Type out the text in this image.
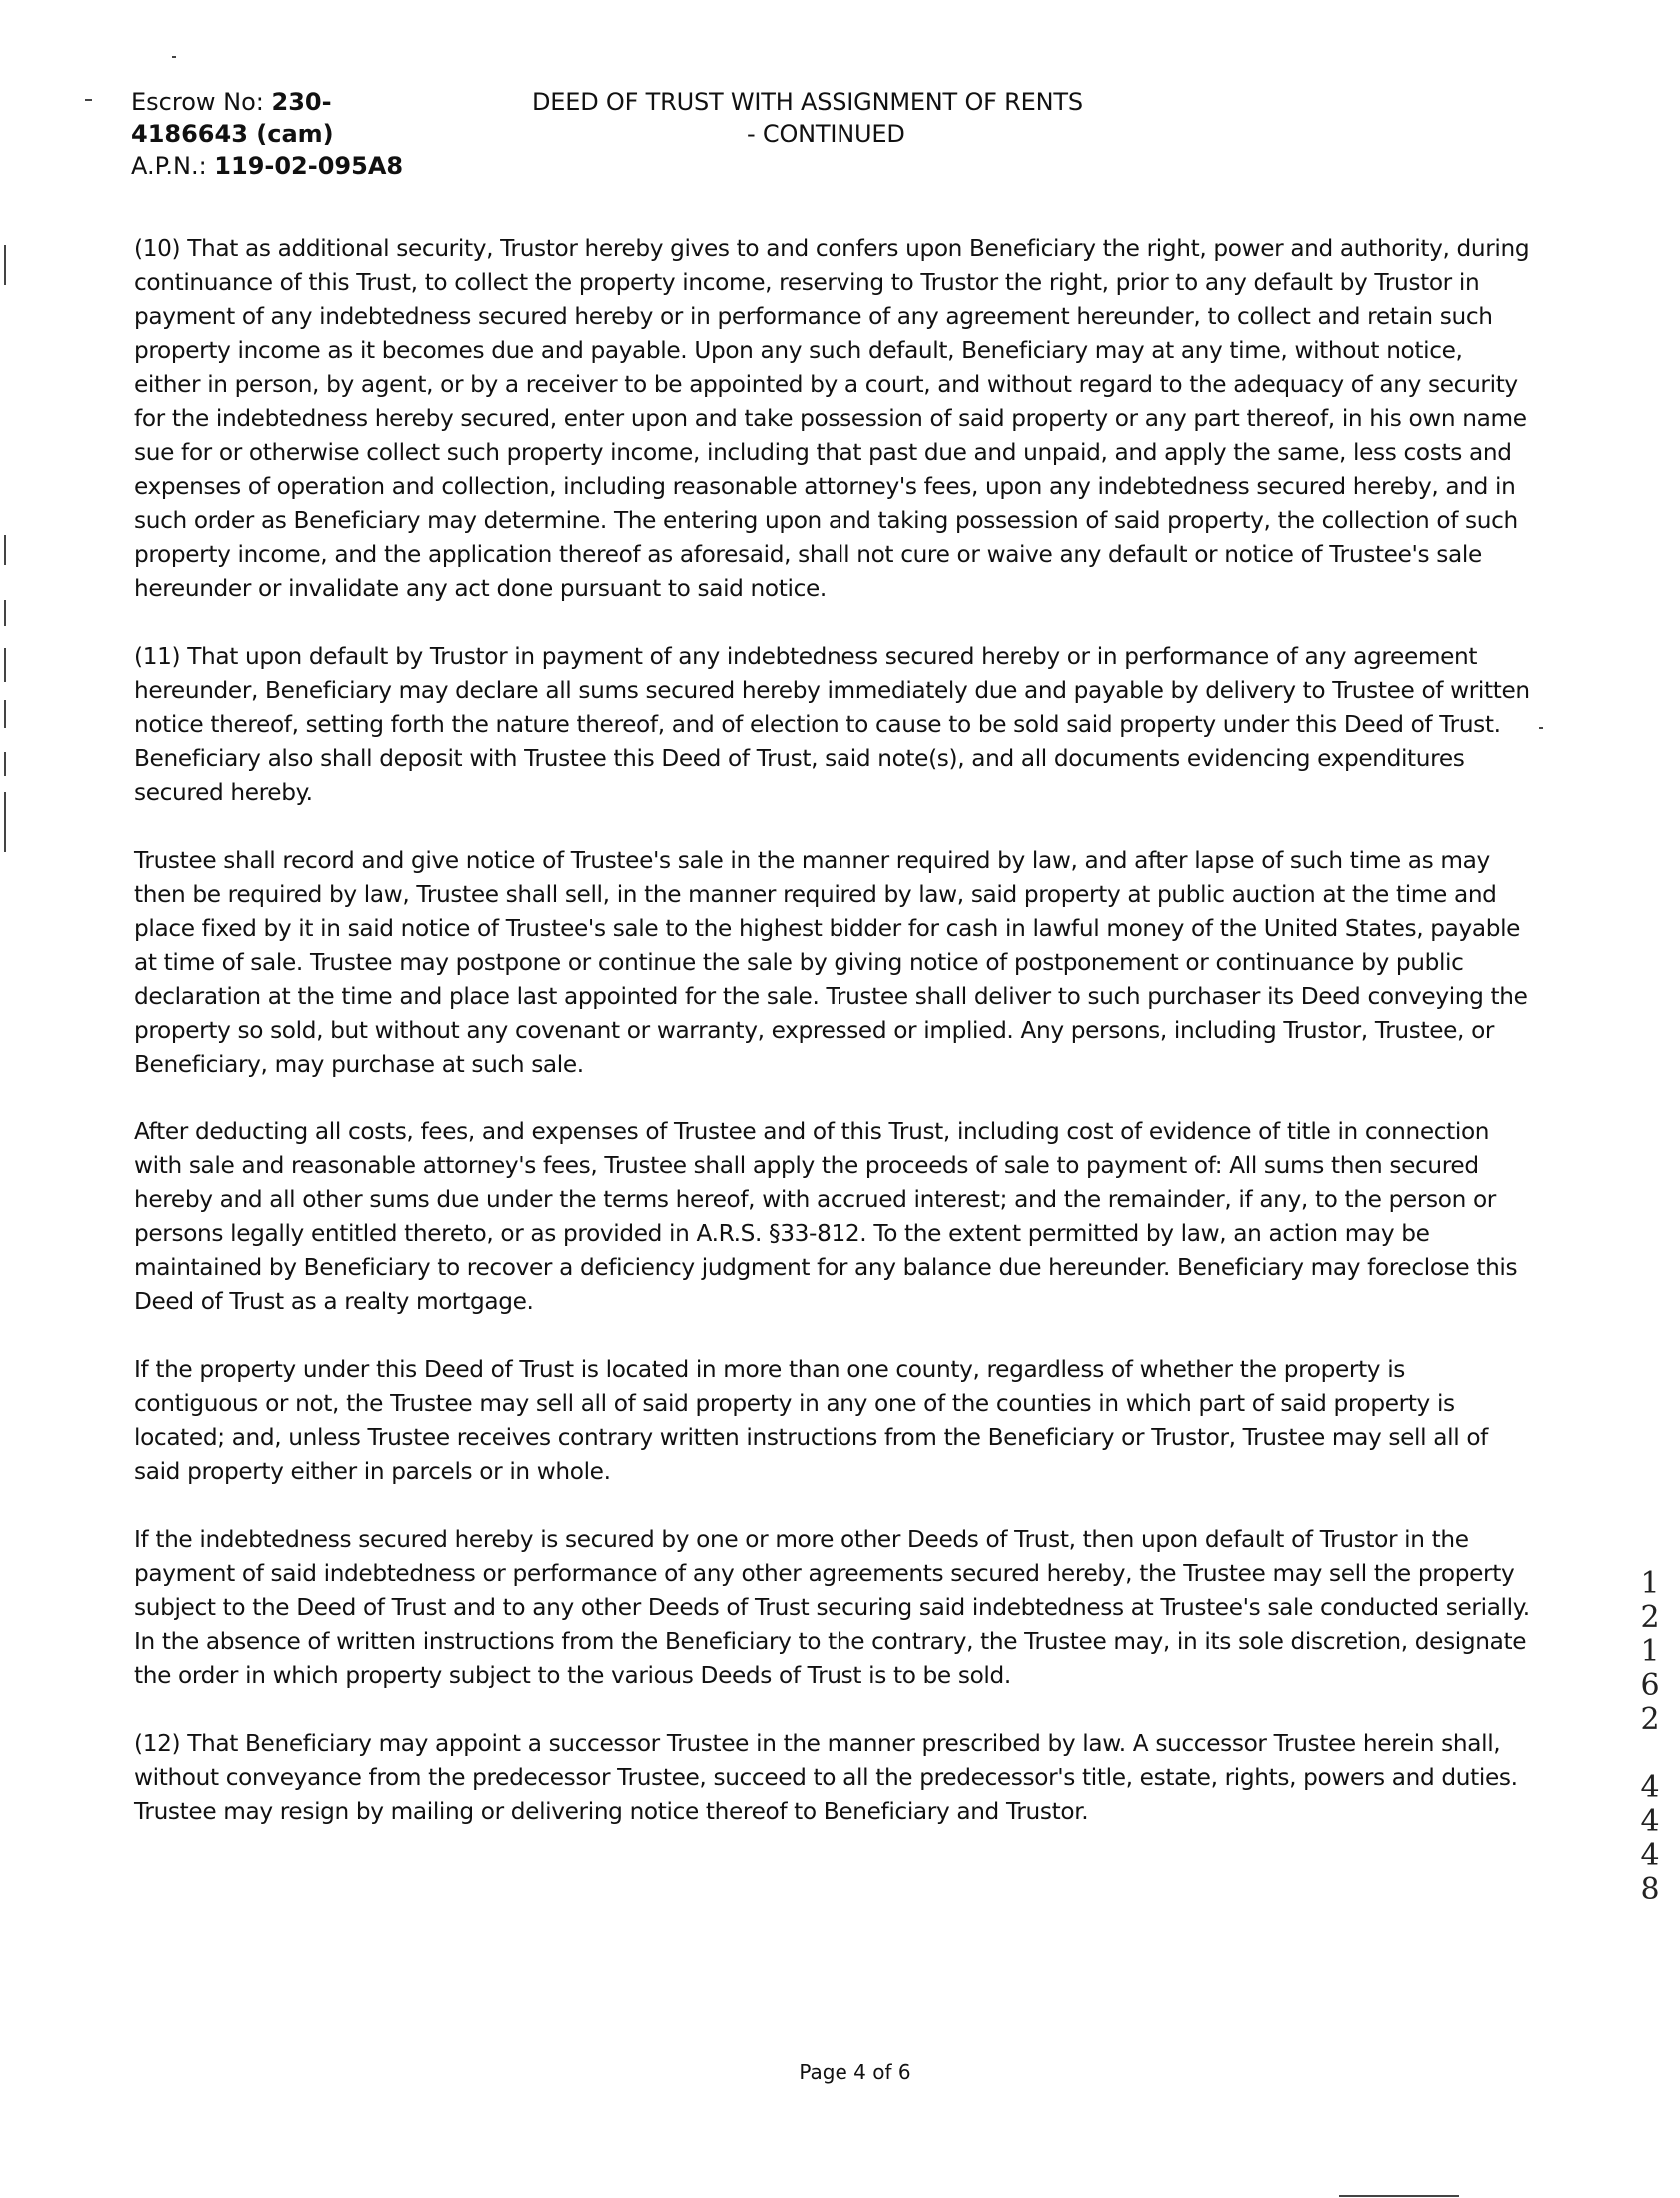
Escrow No: 230-
4186643 (cam)
A.P.N.: 119-02-095A8
DEED OF TRUST WITH ASSIGNMENT OF RENTS
- CONTINUED

(10) That as additional security, Trustor hereby gives to and confers upon Beneficiary the right, power and authority, during continuance of this Trust, to collect the property income, reserving to Trustor the right, prior to any default by Trustor in payment of any indebtedness secured hereby or in performance of any agreement hereunder, to collect and retain such property income as it becomes due and payable. Upon any such default, Beneficiary may at any time, without notice, either in person, by agent, or by a receiver to be appointed by a court, and without regard to the adequacy of any security for the indebtedness hereby secured, enter upon and take possession of said property or any part thereof, in his own name sue for or otherwise collect such property income, including that past due and unpaid, and apply the same, less costs and expenses of operation and collection, including reasonable attorney's fees, upon any indebtedness secured hereby, and in such order as Beneficiary may determine. The entering upon and taking possession of said property, the collection of such property income, and the application thereof as aforesaid, shall not cure or waive any default or notice of Trustee's sale hereunder or invalidate any act done pursuant to said notice.

(11) That upon default by Trustor in payment of any indebtedness secured hereby or in performance of any agreement hereunder, Beneficiary may declare all sums secured hereby immediately due and payable by delivery to Trustee of written notice thereof, setting forth the nature thereof, and of election to cause to be sold said property under this Deed of Trust. Beneficiary also shall deposit with Trustee this Deed of Trust, said note(s), and all documents evidencing expenditures secured hereby.

Trustee shall record and give notice of Trustee's sale in the manner required by law, and after lapse of such time as may then be required by law, Trustee shall sell, in the manner required by law, said property at public auction at the time and place fixed by it in said notice of Trustee's sale to the highest bidder for cash in lawful money of the United States, payable at time of sale. Trustee may postpone or continue the sale by giving notice of postponement or continuance by public declaration at the time and place last appointed for the sale. Trustee shall deliver to such purchaser its Deed conveying the property so sold, but without any covenant or warranty, expressed or implied. Any persons, including Trustor, Trustee, or Beneficiary, may purchase at such sale.

After deducting all costs, fees, and expenses of Trustee and of this Trust, including cost of evidence of title in connection with sale and reasonable attorney's fees, Trustee shall apply the proceeds of sale to payment of: All sums then secured hereby and all other sums due under the terms hereof, with accrued interest; and the remainder, if any, to the person or persons legally entitled thereto, or as provided in A.R.S. §33-812. To the extent permitted by law, an action may be maintained by Beneficiary to recover a deficiency judgment for any balance due hereunder. Beneficiary may foreclose this Deed of Trust as a realty mortgage.

If the property under this Deed of Trust is located in more than one county, regardless of whether the property is contiguous or not, the Trustee may sell all of said property in any one of the counties in which part of said property is located; and, unless Trustee receives contrary written instructions from the Beneficiary or Trustor, Trustee may sell all of said property either in parcels or in whole.

If the indebtedness secured hereby is secured by one or more other Deeds of Trust, then upon default of Trustor in the payment of said indebtedness or performance of any other agreements secured hereby, the Trustee may sell the property subject to the Deed of Trust and to any other Deeds of Trust securing said indebtedness at Trustee's sale conducted serially. In the absence of written instructions from the Beneficiary to the contrary, the Trustee may, in its sole discretion, designate the order in which property subject to the various Deeds of Trust is to be sold.

(12) That Beneficiary may appoint a successor Trustee in the manner prescribed by law. A successor Trustee herein shall, without conveyance from the predecessor Trustee, succeed to all the predecessor's title, estate, rights, powers and duties. Trustee may resign by mailing or delivering notice thereof to Beneficiary and Trustor.

1
2
1
6
2
4
4
4
8
Page 4 of 6
